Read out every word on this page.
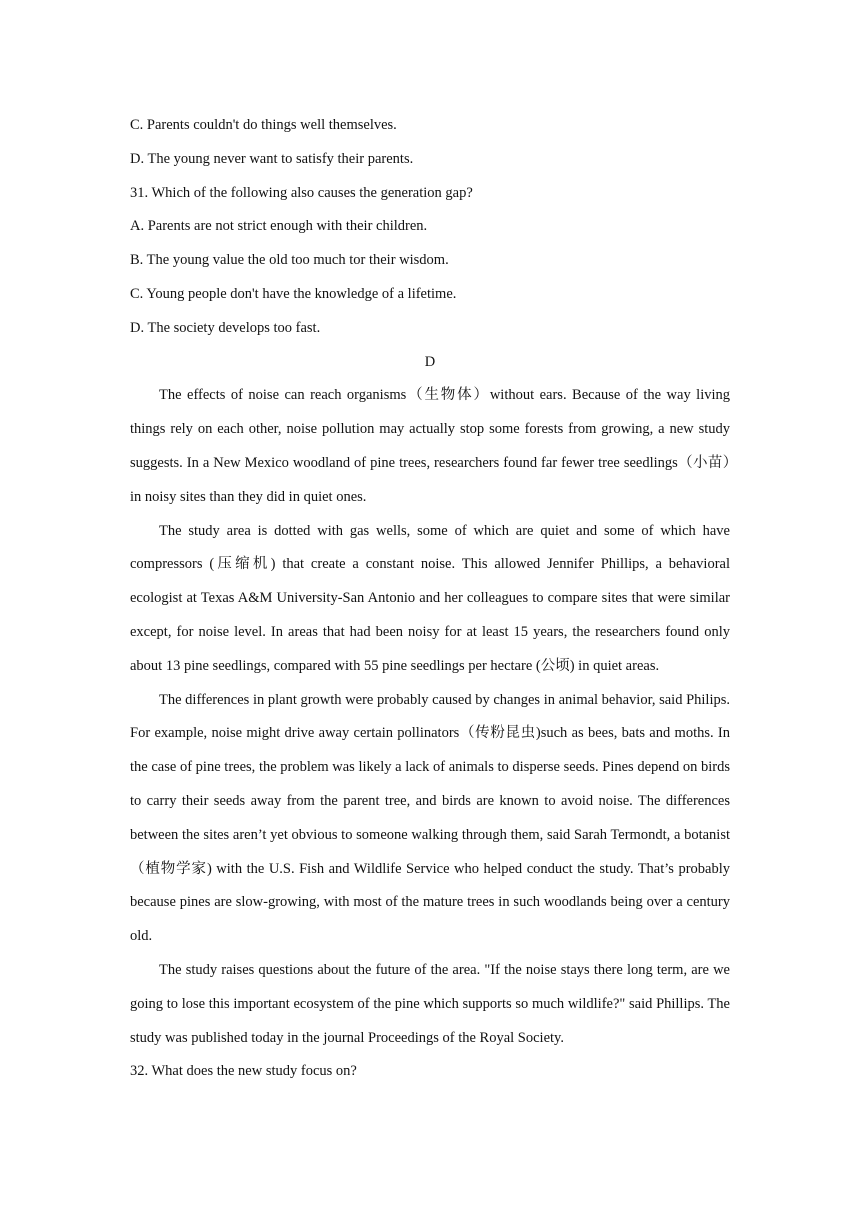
C. Parents couldn't do things well themselves.

D. The young never want to satisfy their parents.

31. Which of the following also causes the generation gap?

A. Parents are not strict enough with their children.

B. The young value the old too much tor their wisdom.

C. Young people don't have the knowledge of a lifetime.

D. The society develops too fast.

D

The effects of noise can reach organisms（生物体）without ears. Because of the way living things rely on each other, noise pollution may actually stop some forests from growing, a new study suggests. In a New Mexico woodland of pine trees, researchers found far fewer tree seedlings（小苗）in noisy sites than they did in quiet ones.

The study area is dotted with gas wells, some of which are quiet and some of which have compressors (压缩机) that create a constant noise. This allowed Jennifer Phillips, a behavioral ecologist at Texas A&M University-San Antonio and her colleagues to compare sites that were similar except, for noise level. In areas that had been noisy for at least 15 years, the researchers found only about 13 pine seedlings, compared with 55 pine seedlings per hectare (公顷) in quiet areas.

The differences in plant growth were probably caused by changes in animal behavior, said Philips. For example, noise might drive away certain pollinators（传粉昆虫)such as bees, bats and moths. In the case of pine trees, the problem was likely a lack of animals to disperse seeds. Pines depend on birds to carry their seeds away from the parent tree, and birds are known to avoid noise. The differences between the sites aren’t yet obvious to someone walking through them, said Sarah Termondt, a botanist（植物学家) with the U.S. Fish and Wildlife Service who helped conduct the study. That’s probably because pines are slow-growing, with most of the mature trees in such woodlands being over a century old.

The study raises questions about the future of the area. "If the noise stays there long term, are we going to lose this important ecosystem of the pine which supports so much wildlife?" said Phillips. The study was published today in the journal Proceedings of the Royal Society.

32. What does the new study focus on?
